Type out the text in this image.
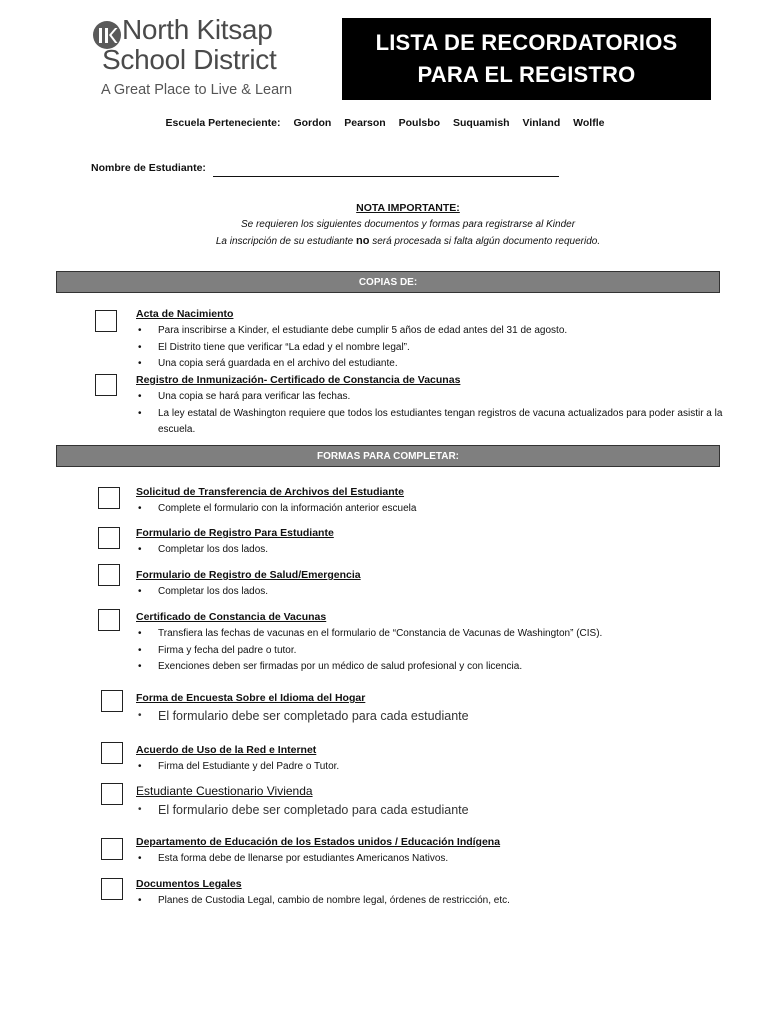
North Kitsap
School District
A Great Place to Live & Learn
LISTA DE RECORDATORIOS
PARA EL REGISTRO
Escuela Perteneciente: Gordon Pearson Poulsbo Suquamish Vinland Wolfle
Nombre de Estudiante:
NOTA IMPORTANTE:
Se requieren los siguientes documentos y formas para registrarse al Kinder
La inscripción de su estudiante no será procesada si falta algún documento requerido.
COPIAS DE:
Acta de Nacimiento
• Para inscribirse a Kinder, el estudiante debe cumplir 5 años de edad antes del 31 de agosto.
• El Distrito tiene que verificar “La edad y el nombre legal”.
• Una copia será guardada en el archivo del estudiante.
Registro de Inmunización- Certificado de Constancia de Vacunas
• Una copia se hará para verificar las fechas.
• La ley estatal de Washington requiere que todos los estudiantes tengan registros de vacuna actualizados para poder asistir a la escuela.
FORMAS PARA COMPLETAR:
Solicitud de Transferencia de Archivos del Estudiante
• Complete el formulario con la información anterior escuela
Formulario de Registro Para Estudiante
• Completar los dos lados.
Formulario de Registro de Salud/Emergencia
• Completar los dos lados.
Certificado de Constancia de Vacunas
• Transfiera las fechas de vacunas en el formulario de “Constancia de Vacunas de Washington” (CIS).
• Firma y fecha del padre o tutor.
• Exenciones deben ser firmadas por un médico de salud profesional y con licencia.
Forma de Encuesta Sobre el Idioma del Hogar
• El formulario debe ser completado para cada estudiante
Acuerdo de Uso de la Red e Internet
• Firma del Estudiante y del Padre o Tutor.
Estudiante Cuestionario Vivienda
• El formulario debe ser completado para cada estudiante
Departamento de Educación de los Estados unidos / Educación Indígena
• Esta forma debe de llenarse por estudiantes Americanos Nativos.
Documentos Legales
• Planes de Custodia Legal, cambio de nombre legal, órdenes de restricción, etc.
